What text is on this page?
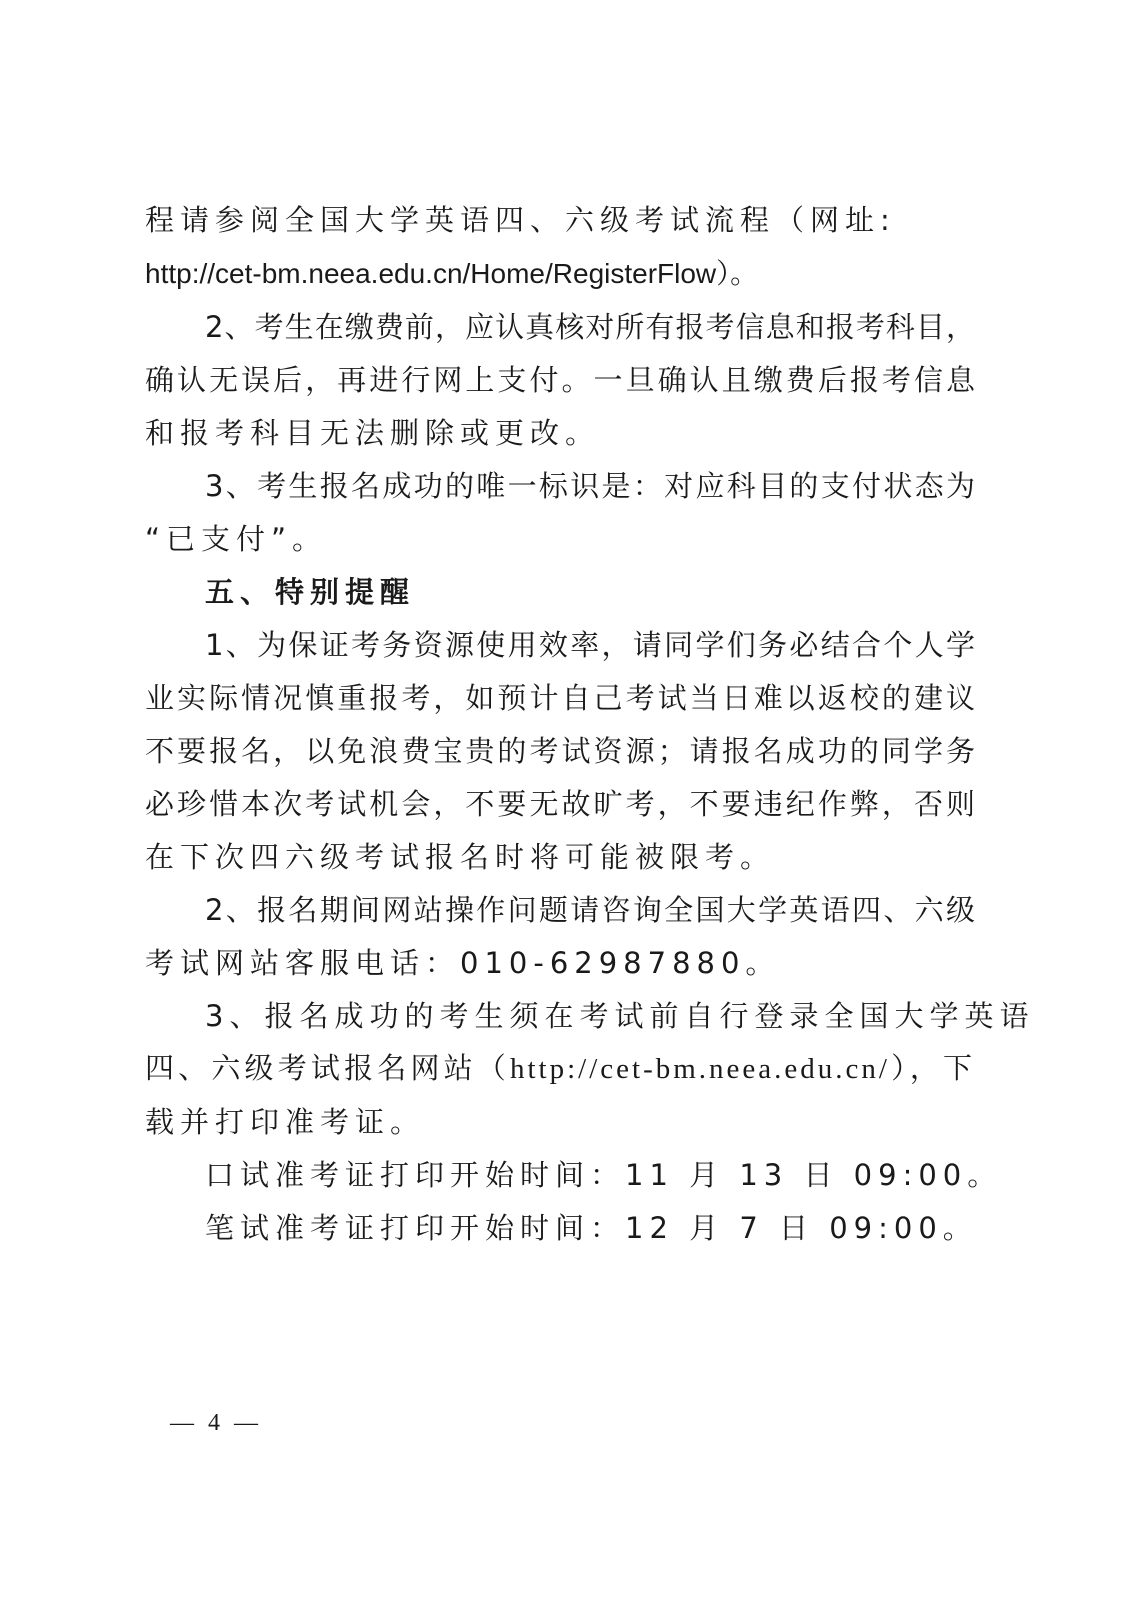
程请参阅全国大学英语四、六级考试流程（网址:
http://cet-bm.neea.edu.cn/Home/RegisterFlow）。
2、考生在缴费前，应认真核对所有报考信息和报考科目，
确认无误后，再进行网上支付。一旦确认且缴费后报考信息
和报考科目无法删除或更改。
3、考生报名成功的唯一标识是：对应科目的支付状态为
“已支付”。
五、特别提醒
1、为保证考务资源使用效率，请同学们务必结合个人学
业实际情况慎重报考，如预计自己考试当日难以返校的建议
不要报名，以免浪费宝贵的考试资源；请报名成功的同学务
必珍惜本次考试机会，不要无故旷考，不要违纪作弊，否则
在下次四六级考试报名时将可能被限考。
2、报名期间网站操作问题请咨询全国大学英语四、六级
考试网站客服电话：010-62987880。
3、报名成功的考生须在考试前自行登录全国大学英语
四、六级考试报名网站（http://cet-bm.neea.edu.cn/），下
载并打印准考证。
口试准考证打印开始时间：11 月 13 日 09:00。
笔试准考证打印开始时间：12 月 7 日 09:00。
— 4 —
